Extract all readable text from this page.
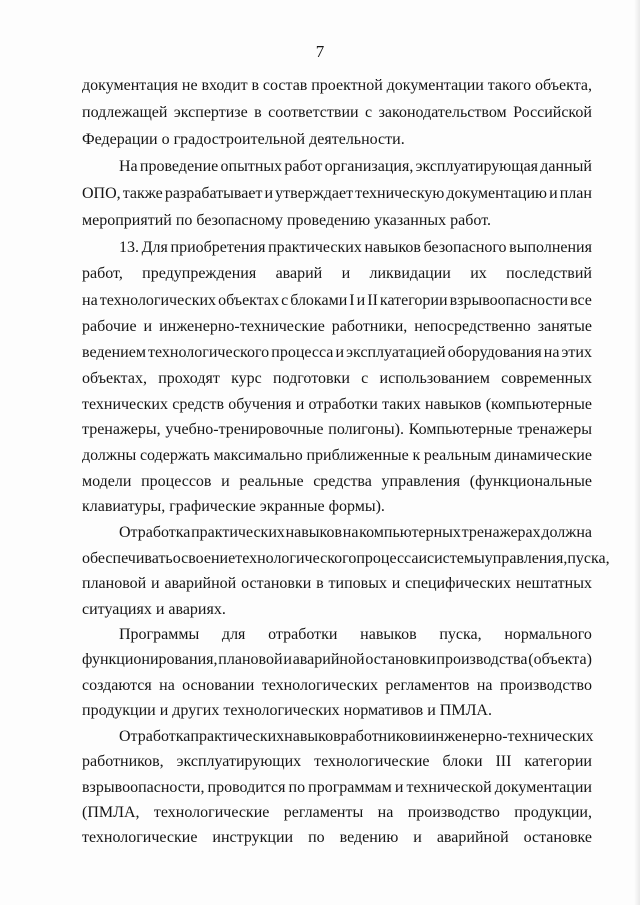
7
документация не входит в состав проектной документации такого объекта,
подлежащей экспертизе в соответствии с законодательством Российской
Федерации о градостроительной деятельности.
На проведение опытных работ организация, эксплуатирующая данный
ОПО, также разрабатывает и утверждает техническую документацию и план
мероприятий по безопасному проведению указанных работ.
13. Для приобретения практических навыков безопасного выполнения
работ, предупреждения аварий и ликвидации их последствий
на технологических объектах с блоками I и II категории взрывоопасности все
рабочие и инженерно-технические работники, непосредственно занятые
ведением технологического процесса и эксплуатацией оборудования на этих
объектах, проходят курс подготовки с использованием современных
технических средств обучения и отработки таких навыков (компьютерные
тренажеры, учебно-тренировочные полигоны). Компьютерные тренажеры
должны содержать максимально приближенные к реальным динамические
модели процессов и реальные средства управления (функциональные
клавиатуры, графические экранные формы).
Отработка практических навыков на компьютерных тренажерах должна
обеспечивать освоение технологического процесса и системы управления, пуска,
плановой и аварийной остановки в типовых и специфических нештатных
ситуациях и авариях.
Программы для отработки навыков пуска, нормального
функционирования, плановой и аварийной остановки производства (объекта)
создаются на основании технологических регламентов на производство
продукции и других технологических нормативов и ПМЛА.
Отработка практических навыков работников и инженерно-технических
работников, эксплуатирующих технологические блоки III категории
взрывоопасности, проводится по программам и технической документации
(ПМЛА, технологические регламенты на производство продукции,
технологические инструкции по ведению и аварийной остановке
